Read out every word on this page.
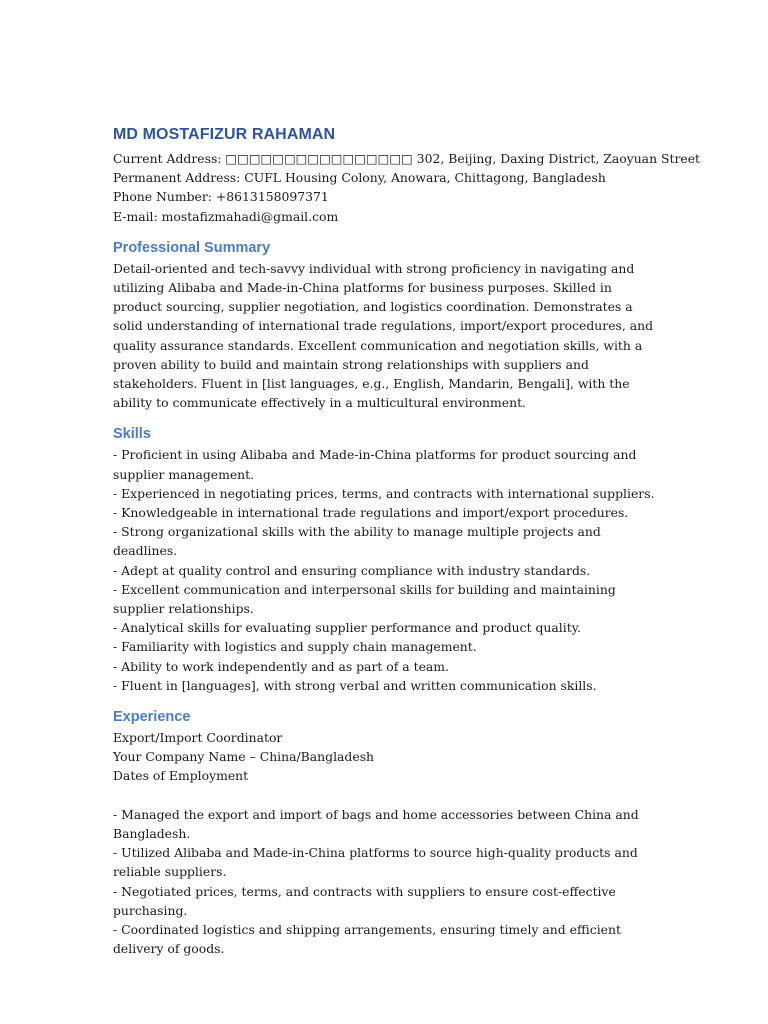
MD MOSTAFIZUR RAHAMAN

Current Address: □□□□□□□□□□□□□□□□ 302, Beijing, Daxing District, Zaoyuan Street

Permanent Address: CUFL Housing Colony, Anowara, Chittagong, Bangladesh

Phone Number: +8613158097371

E-mail: mostafizmahadi@gmail.com

Professional Summary

Detail-oriented and tech-savvy individual with strong proficiency in navigating and utilizing Alibaba and Made-in-China platforms for business purposes. Skilled in product sourcing, supplier negotiation, and logistics coordination. Demonstrates a solid understanding of international trade regulations, import/export procedures, and quality assurance standards. Excellent communication and negotiation skills, with a proven ability to build and maintain strong relationships with suppliers and stakeholders. Fluent in [list languages, e.g., English, Mandarin, Bengali], with the ability to communicate effectively in a multicultural environment.

Skills
- Proficient in using Alibaba and Made-in-China platforms for product sourcing and supplier management.
- Experienced in negotiating prices, terms, and contracts with international suppliers.
- Knowledgeable in international trade regulations and import/export procedures.
- Strong organizational skills with the ability to manage multiple projects and deadlines.
- Adept at quality control and ensuring compliance with industry standards.
- Excellent communication and interpersonal skills for building and maintaining supplier relationships.
- Analytical skills for evaluating supplier performance and product quality.
- Familiarity with logistics and supply chain management.
- Ability to work independently and as part of a team.
- Fluent in [languages], with strong verbal and written communication skills.
Experience

Export/Import Coordinator

Your Company Name – China/Bangladesh

Dates of Employment

- Managed the export and import of bags and home accessories between China and Bangladesh.
- Utilized Alibaba and Made-in-China platforms to source high-quality products and reliable suppliers.
- Negotiated prices, terms, and contracts with suppliers to ensure cost-effective purchasing.
- Coordinated logistics and shipping arrangements, ensuring timely and efficient delivery of goods.
